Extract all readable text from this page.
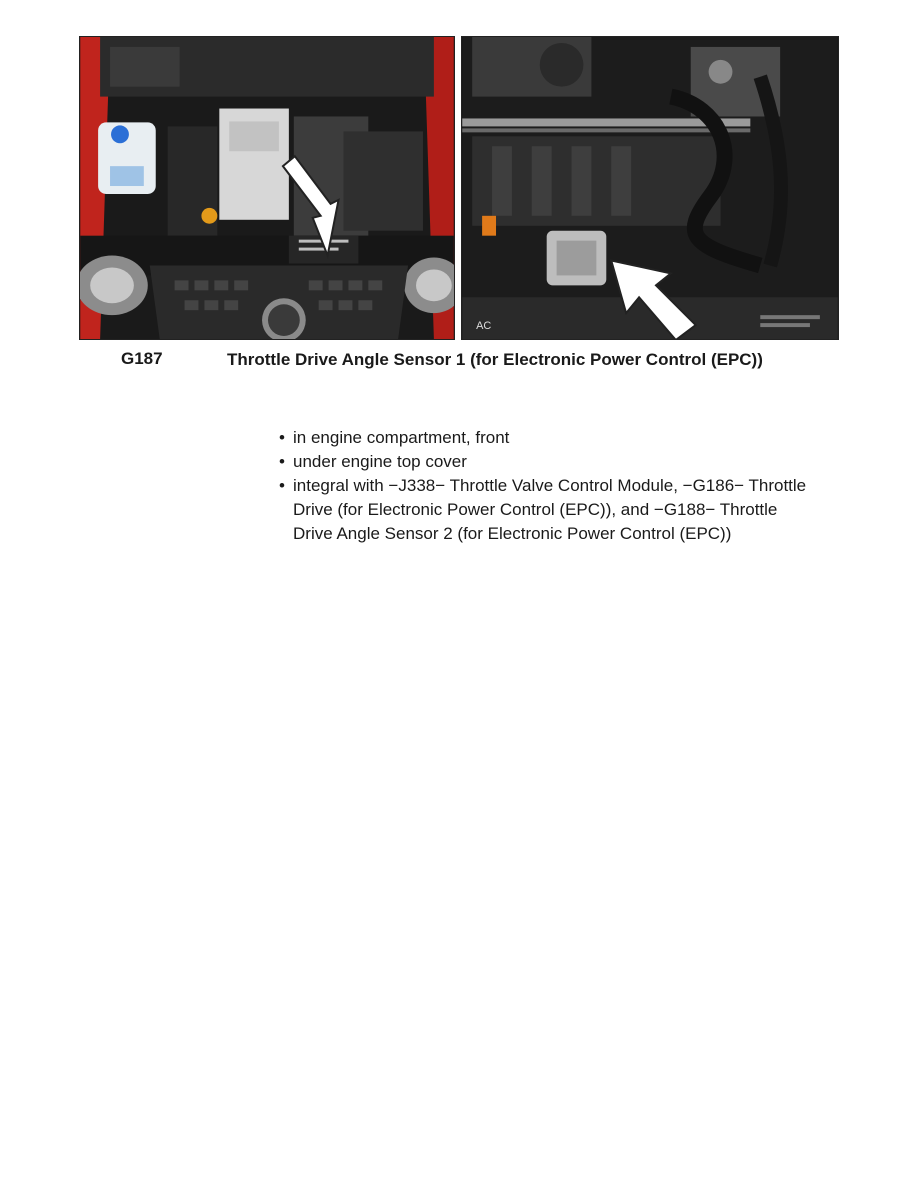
AC
G187	Throttle Drive Angle Sensor 1 (for Electronic Power Control (EPC))
• in engine compartment, front
• under engine top cover
• integral with −J338− Throttle Valve Control Module, −G186− Throttle Drive (for Electronic Power Control (EPC)), and −G188− Throttle Drive Angle Sensor 2 (for Electronic Power Control (EPC))
